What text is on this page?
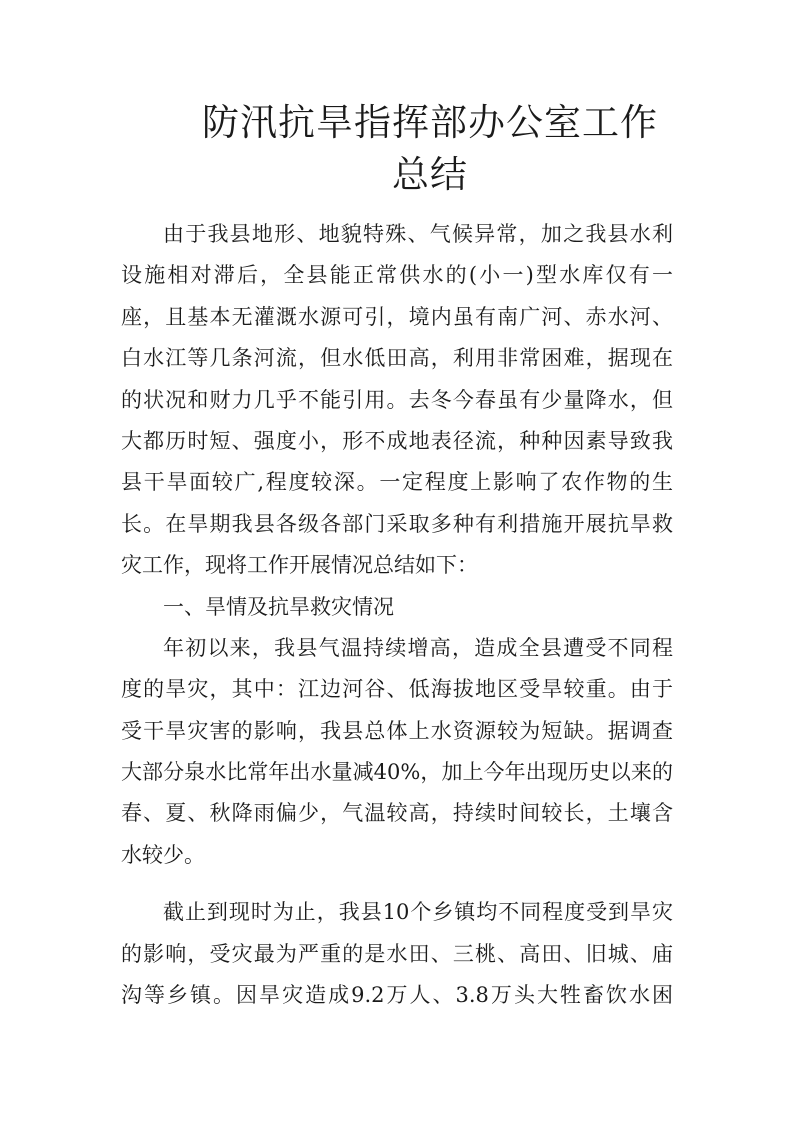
防汛抗旱指挥部办公室工作
总结
由于我县地形、地貌特殊、气候异常，加之我县水利
设施相对滞后，全县能正常供水的(小一)型水库仅有一
座，且基本无灌溉水源可引，境内虽有南广河、赤水河、
白水江等几条河流，但水低田高，利用非常困难，据现在
的状况和财力几乎不能引用。去冬今春虽有少量降水，但
大都历时短、强度小，形不成地表径流，种种因素导致我
县干旱面较广,程度较深。一定程度上影响了农作物的生
长。在旱期我县各级各部门采取多种有利措施开展抗旱救
灾工作，现将工作开展情况总结如下：
一、旱情及抗旱救灾情况
年初以来，我县气温持续增高，造成全县遭受不同程
度的旱灾，其中：江边河谷、低海拔地区受旱较重。由于
受干旱灾害的影响，我县总体上水资源较为短缺。据调查
大部分泉水比常年出水量减40%，加上今年出现历史以来的
春、夏、秋降雨偏少，气温较高，持续时间较长，土壤含
水较少。
截止到现时为止，我县10个乡镇均不同程度受到旱灾
的影响，受灾最为严重的是水田、三桃、高田、旧城、庙
沟等乡镇。因旱灾造成9.2万人、3.8万头大牲畜饮水困
